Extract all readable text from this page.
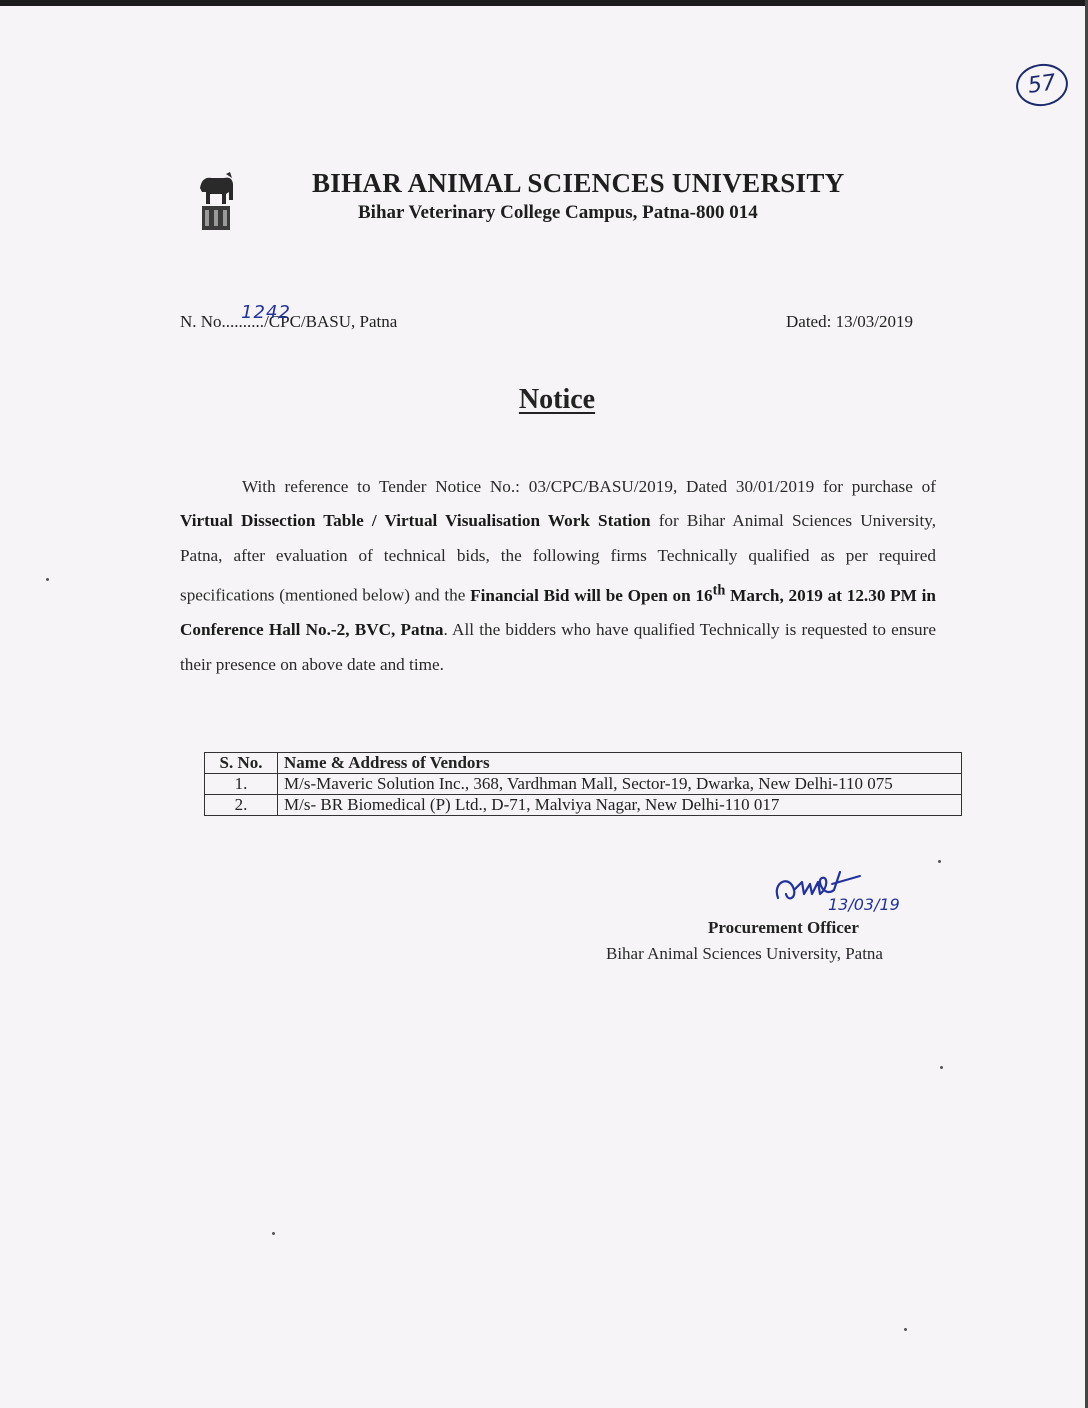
57
BIHAR ANIMAL SCIENCES UNIVERSITY
Bihar Veterinary College Campus, Patna-800 014
N. No........../CPC/BASU, Patna
1242	Dated: 13/03/2019
Notice
With reference to Tender Notice No.: 03/CPC/BASU/2019, Dated 30/01/2019 for purchase of Virtual Dissection Table / Virtual Visualisation Work Station for Bihar Animal Sciences University, Patna, after evaluation of technical bids, the following firms Technically qualified as per required specifications (mentioned below) and the Financial Bid will be Open on 16th March, 2019 at 12.30 PM in Conference Hall No.-2, BVC, Patna. All the bidders who have qualified Technically is requested to ensure their presence on above date and time.
S. No.	Name & Address of Vendors
1.	M/s-Maveric Solution Inc., 368, Vardhman Mall, Sector-19, Dwarka, New Delhi-110 075
2.	M/s- BR Biomedical (P) Ltd., D-71, Malviya Nagar, New Delhi-110 017
13/03/19
Procurement Officer
Bihar Animal Sciences University, Patna
